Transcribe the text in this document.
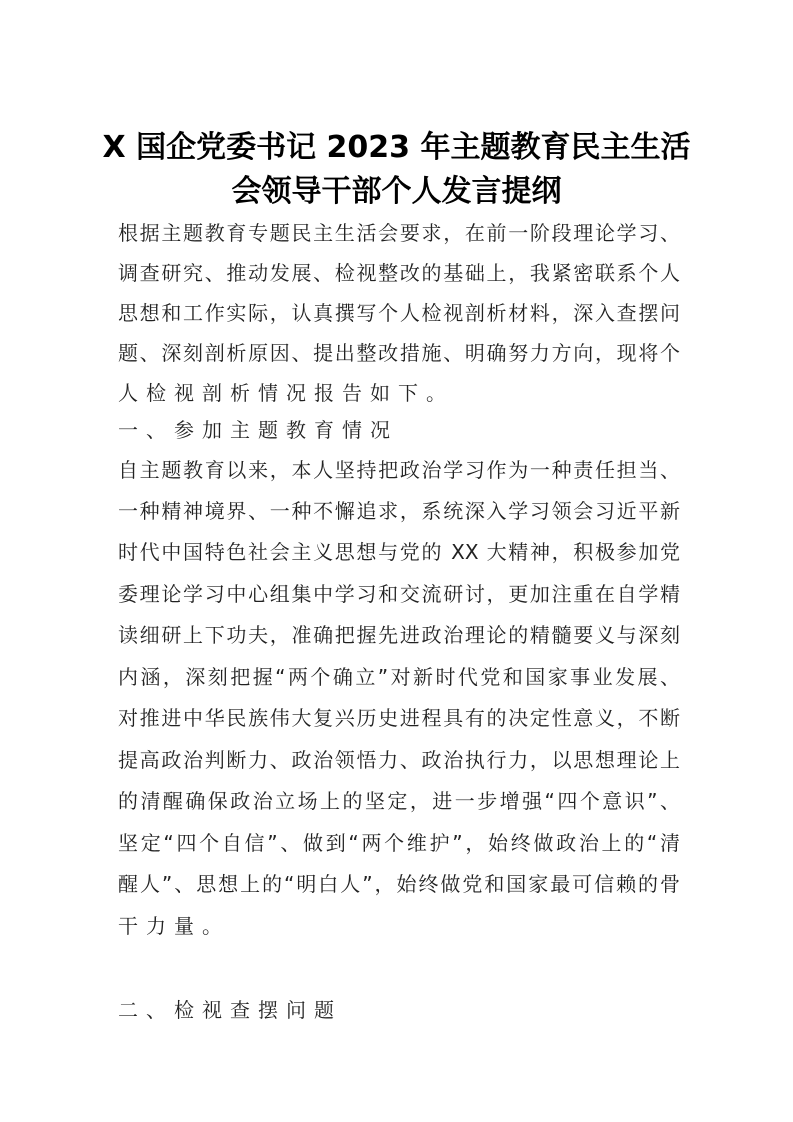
X 国企党委书记 2023 年主题教育民主生活
会领导干部个人发言提纲
根据主题教育专题民主生活会要求，在前一阶段理论学习、
调查研究、推动发展、检视整改的基础上，我紧密联系个人
思想和工作实际，认真撰写个人检视剖析材料，深入查摆问
题、深刻剖析原因、提出整改措施、明确努力方向，现将个
人检视剖析情况报告如下。
一、参加主题教育情况
自主题教育以来，本人坚持把政治学习作为一种责任担当、
一种精神境界、一种不懈追求，系统深入学习领会习近平新
时代中国特色社会主义思想与党的 XX 大精神，积极参加党
委理论学习中心组集中学习和交流研讨，更加注重在自学精
读细研上下功夫，准确把握先进政治理论的精髓要义与深刻
内涵，深刻把握“两个确立”对新时代党和国家事业发展、
对推进中华民族伟大复兴历史进程具有的决定性意义，不断
提高政治判断力、政治领悟力、政治执行力，以思想理论上
的清醒确保政治立场上的坚定，进一步增强“四个意识”、
坚定“四个自信”、做到“两个维护”，始终做政治上的“清
醒人”、思想上的“明白人”，始终做党和国家最可信赖的骨
干力量。
二、检视查摆问题
